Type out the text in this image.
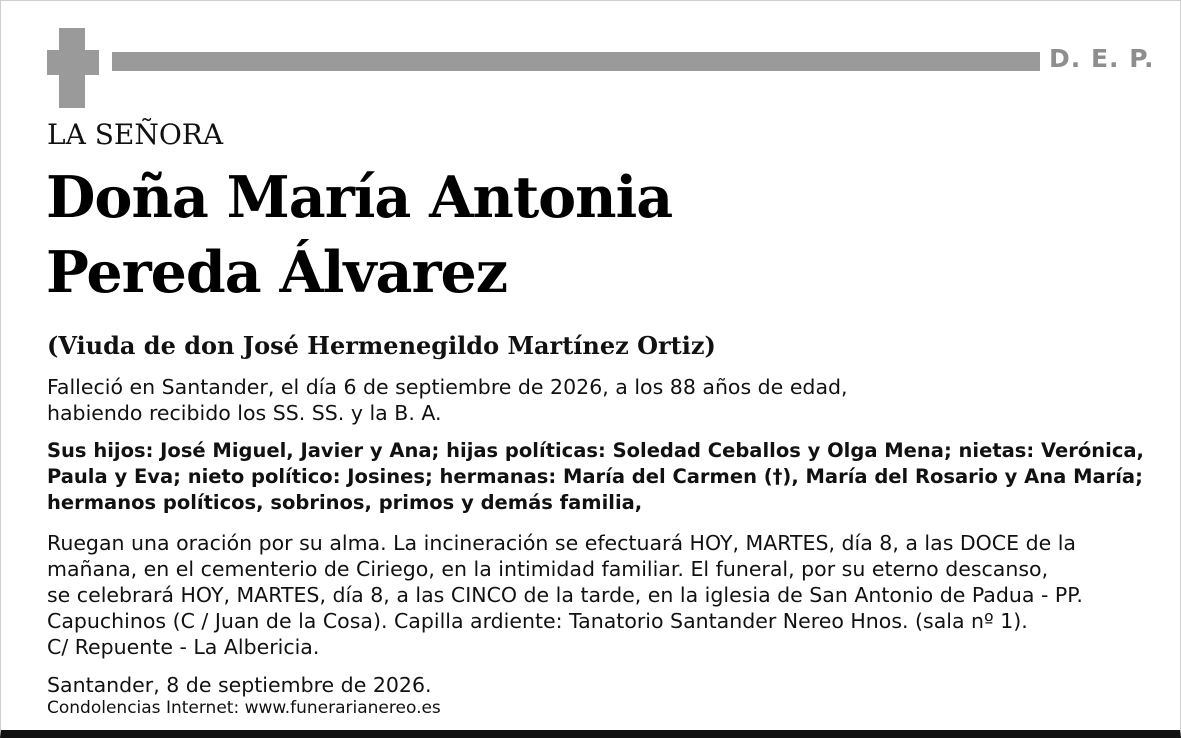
D. E. P.
LA SEÑORA
Doña María Antonia
Pereda Álvarez
(Viuda de don José Hermenegildo Martínez Ortiz)
Falleció en Santander, el día 6 de septiembre de 2026, a los 88 años de edad,
habiendo recibido los SS. SS. y la B. A.
Sus hijos: José Miguel, Javier y Ana; hijas políticas: Soledad Ceballos y Olga Mena; nietas: Verónica,
Paula y Eva; nieto político: Josines; hermanas: María del Carmen (†), María del Rosario y Ana María;
hermanos políticos, sobrinos, primos y demás familia,
Ruegan una oración por su alma. La incineración se efectuará HOY, MARTES, día 8, a las DOCE de la
mañana, en el cementerio de Ciriego, en la intimidad familiar. El funeral, por su eterno descanso,
se celebrará HOY, MARTES, día 8, a las CINCO de la tarde, en la iglesia de San Antonio de Padua - PP.
Capuchinos (C / Juan de la Cosa). Capilla ardiente: Tanatorio Santander Nereo Hnos. (sala nº 1).
C/ Repuente - La Albericia.
Santander, 8 de septiembre de 2026.
Condolencias Internet: www.funerarianereo.es
